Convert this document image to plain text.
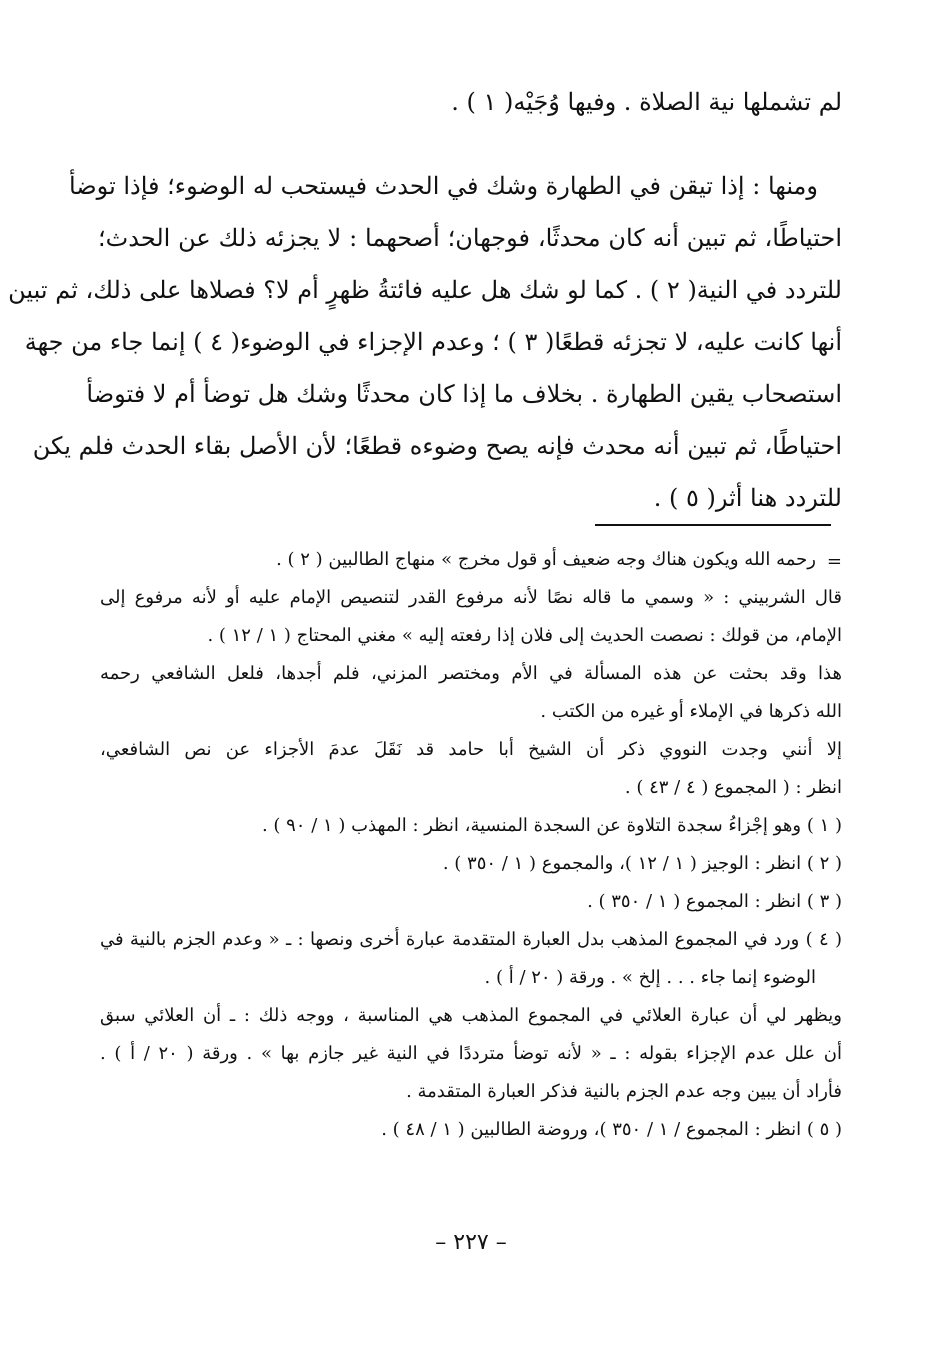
لم تشملها نية الصلاة . وفيها وُجَيْه( ١ ) .
ومنها : إذا تيقن في الطهارة وشك في الحدث فيستحب له الوضوء؛ فإذا توضأ
احتياطًا، ثم تبين أنه كان محدثًا، فوجهان؛ أصحهما : لا يجزئه ذلك عن الحدث؛
للتردد في النية( ٢ ) . كما لو شك هل عليه فائتةُ ظهرٍ أم لا؟ فصلاها على ذلك، ثم تبين
أنها كانت عليه، لا تجزئه قطعًا( ٣ ) ؛ وعدم الإجزاء في الوضوء( ٤ ) إنما جاء من جهة
استصحاب يقين الطهارة . بخلاف ما إذا كان محدثًا وشك هل توضأ أم لا فتوضأ
احتياطًا، ثم تبين أنه محدث فإنه يصح وضوءه قطعًا؛ لأن الأصل بقاء الحدث فلم يكن
للتردد هنا أثر( ٥ ) .
=
رحمه الله ويكون هناك وجه ضعيف أو قول مخرج » منهاج الطالبين ( ٢ ) .
قال الشربيني : « وسمي ما قاله نصًا لأنه مرفوع القدر لتنصيص الإمام عليه أو لأنه مرفوع إلى
الإمام، من قولك : نصصت الحديث إلى فلان إذا رفعته إليه » مغني المحتاج ( ١ / ١٢ ) .
هذا وقد بحثت عن هذه المسألة في الأم ومختصر المزني، فلم أجدها، فلعل الشافعي رحمه
الله ذكرها في الإملاء أو غيره من الكتب .
إلا أنني وجدت النووي ذكر أن الشيخ أبا حامد قد نَقَلَ عدمَ الأجزاء عن نص الشافعي،
انظر : ( المجموع ( ٤ / ٤٣ ) .
( ١ ) وهو إجْزاءُ سجدة التلاوة عن السجدة المنسية، انظر : المهذب ( ١ / ٩٠ ) .
( ٢ ) انظر : الوجيز ( ١ / ١٢ )، والمجموع ( ١ / ٣٥٠ ) .
( ٣ ) انظر : المجموع ( ١ / ٣٥٠ ) .
( ٤ ) ورد في المجموع المذهب بدل العبارة المتقدمة عبارة أخرى ونصها : ـ « وعدم الجزم بالنية في
الوضوء إنما جاء . . . إلخ » . ورقة ( ٢٠ / أ ) .
ويظهر لي أن عبارة العلائي في المجموع المذهب هي المناسبة ، ووجه ذلك : ـ أن العلائي سبق
أن علل عدم الإجزاء بقوله : ـ « لأنه توضأ مترددًا في النية غير جازم بها » . ورقة ( ٢٠ / أ ) .
فأراد أن يبين وجه عدم الجزم بالنية فذكر العبارة المتقدمة .
( ٥ ) انظر : المجموع / ١ / ٣٥٠ )، وروضة الطالبين ( ١ / ٤٨ ) .
– ٢٢٧ –
